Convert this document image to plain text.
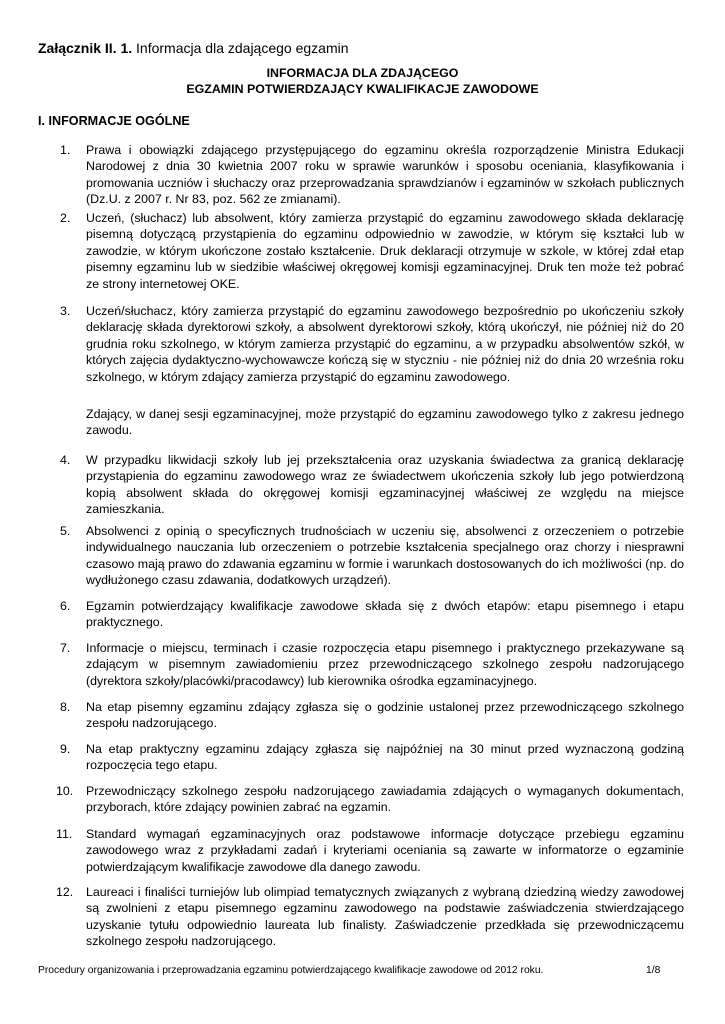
Załącznik II. 1. Informacja dla zdającego egzamin
INFORMACJA DLA ZDAJĄCEGO
EGZAMIN POTWIERDZAJĄCY KWALIFIKACJE ZAWODOWE
I. INFORMACJE OGÓLNE

1.	Prawa i obowiązki zdającego przystępującego do egzaminu określa rozporządzenie Ministra Edukacji Narodowej z dnia 30 kwietnia 2007 roku w sprawie warunków i sposobu oceniania, klasyfikowania i promowania uczniów i słuchaczy oraz przeprowadzania sprawdzianów i egzaminów w szkołach publicznych (Dz.U. z 2007 r. Nr 83, poz. 562 ze zmianami).

2.	Uczeń, (słuchacz) lub absolwent, który zamierza przystąpić do egzaminu zawodowego składa deklarację pisemną dotyczącą przystąpienia do egzaminu odpowiednio w zawodzie, w którym się kształci lub w zawodzie, w którym ukończone zostało kształcenie. Druk deklaracji otrzymuje w szkole, w której zdał etap pisemny egzaminu lub w siedzibie właściwej okręgowej komisji egzaminacyjnej. Druk ten może też pobrać ze strony internetowej OKE.

3.	Uczeń/słuchacz, który zamierza przystąpić do egzaminu zawodowego bezpośrednio po ukończeniu szkoły deklarację składa dyrektorowi szkoły, a absolwent dyrektorowi szkoły, którą ukończył, nie później niż do 20 grudnia roku szkolnego, w którym zamierza przystąpić do egzaminu, a w przypadku absolwentów szkół, w których zajęcia dydaktyczno-wychowawcze kończą się w styczniu - nie później niż do dnia 20 września roku szkolnego, w którym zdający zamierza przystąpić do egzaminu zawodowego.

Zdający, w danej sesji egzaminacyjnej, może przystąpić do egzaminu zawodowego tylko z zakresu jednego zawodu.

4.	W przypadku likwidacji szkoły lub jej przekształcenia oraz uzyskania świadectwa za granicą deklarację przystąpienia do egzaminu zawodowego wraz ze świadectwem ukończenia szkoły lub jego potwierdzoną kopią absolwent składa do okręgowej komisji egzaminacyjnej właściwej ze względu na miejsce zamieszkania.

5.	Absolwenci z opinią o specyficznych trudnościach w uczeniu się, absolwenci z orzeczeniem o potrzebie indywidualnego nauczania lub orzeczeniem o potrzebie kształcenia specjalnego oraz chorzy i niesprawni czasowo mają prawo do zdawania egzaminu w formie i warunkach dostosowanych do ich możliwości (np. do wydłużonego czasu zdawania, dodatkowych urządzeń).

6.	Egzamin potwierdzający kwalifikacje zawodowe składa się z dwóch etapów: etapu pisemnego i etapu praktycznego.

7.	Informacje o miejscu, terminach i czasie rozpoczęcia etapu pisemnego i praktycznego przekazywane są zdającym w pisemnym zawiadomieniu przez przewodniczącego szkolnego zespołu nadzorującego (dyrektora szkoły/placówki/pracodawcy) lub kierownika ośrodka egzaminacyjnego.

8.	Na etap pisemny egzaminu zdający zgłasza się o godzinie ustalonej przez przewodniczącego szkolnego zespołu nadzorującego.

9.	Na etap praktyczny egzaminu zdający zgłasza się najpóźniej na 30 minut przed wyznaczoną godziną rozpoczęcia tego etapu.

10.	Przewodniczący szkolnego zespołu nadzorującego zawiadamia zdających o wymaganych dokumentach, przyborach, które zdający powinien zabrać na egzamin.

11.	Standard wymagań egzaminacyjnych oraz podstawowe informacje dotyczące przebiegu egzaminu zawodowego wraz z przykładami zadań i kryteriami oceniania są zawarte w informatorze o egzaminie potwierdzającym kwalifikacje zawodowe dla danego zawodu.

12.	Laureaci i finaliści turniejów lub olimpiad tematycznych związanych z wybraną dziedziną wiedzy zawodowej są zwolnieni z etapu pisemnego egzaminu zawodowego na podstawie zaświadczenia stwierdzającego uzyskanie tytułu odpowiednio laureata lub finalisty. Zaświadczenie przedkłada się przewodniczącemu szkolnego zespołu nadzorującego.

Procedury organizowania i przeprowadzania egzaminu potwierdzającego kwalifikacje zawodowe od 2012 roku.	1/8
